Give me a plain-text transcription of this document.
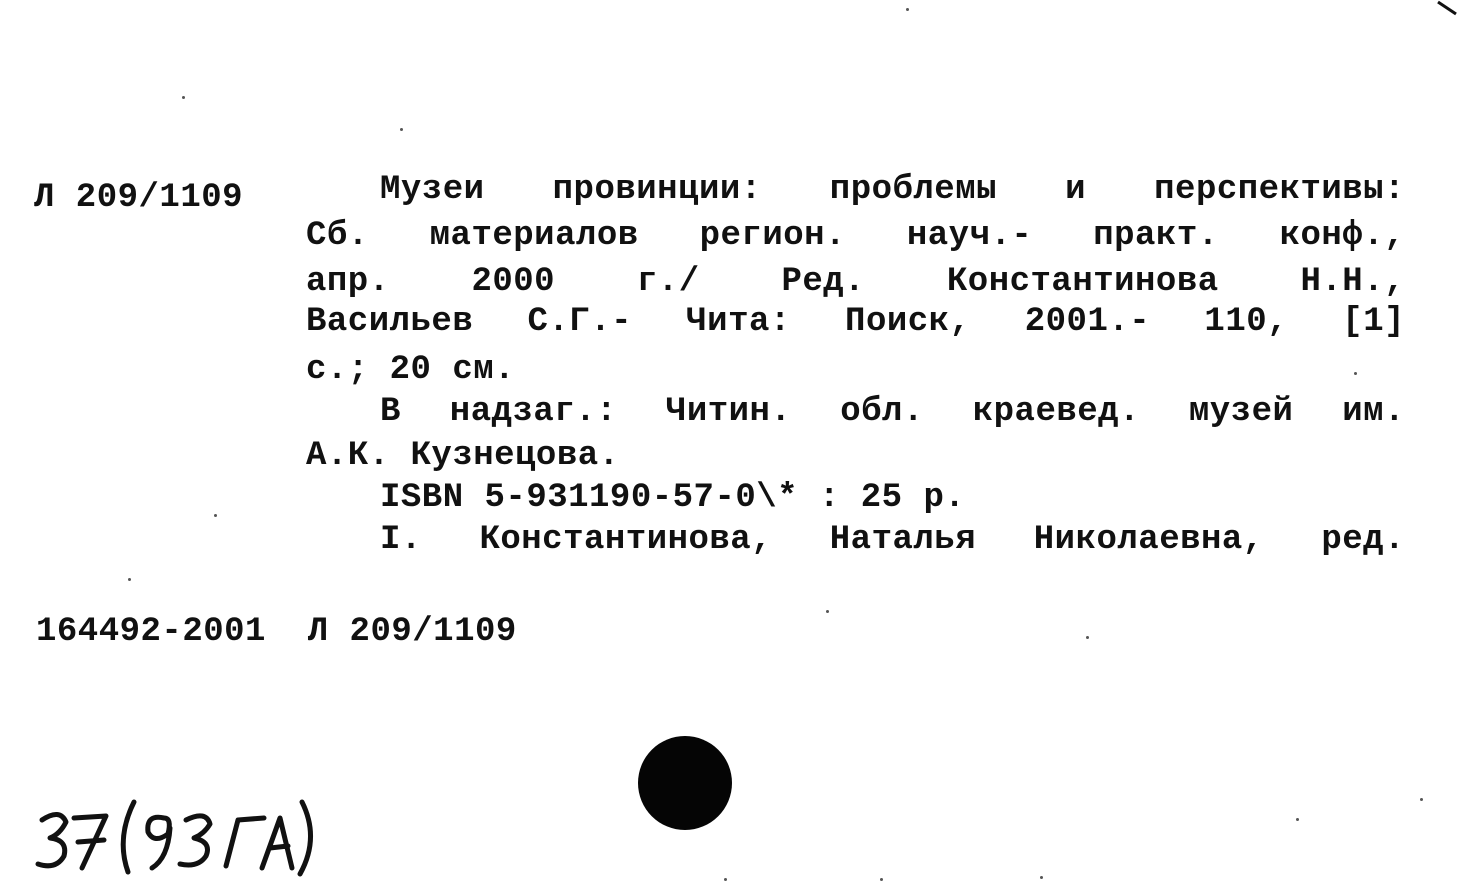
Л 209/1109	Музеи провинции: проблемы и перспективы:
Сб. материалов регион. науч.- практ. конф.,
апр. 2000 г./ Ред. Константинова Н.Н.,
Васильев С.Г.- Чита: Поиск, 2001.- 110, [1]
с.; 20 см.
В надзаг.: Читин. обл. краевед. музей им.
А.К. Кузнецова.
ISBN 5-931190-57-0\* : 25 р.
I. Константинова, Наталья Николаевна, ред.
164492-2001  Л 209/1109
